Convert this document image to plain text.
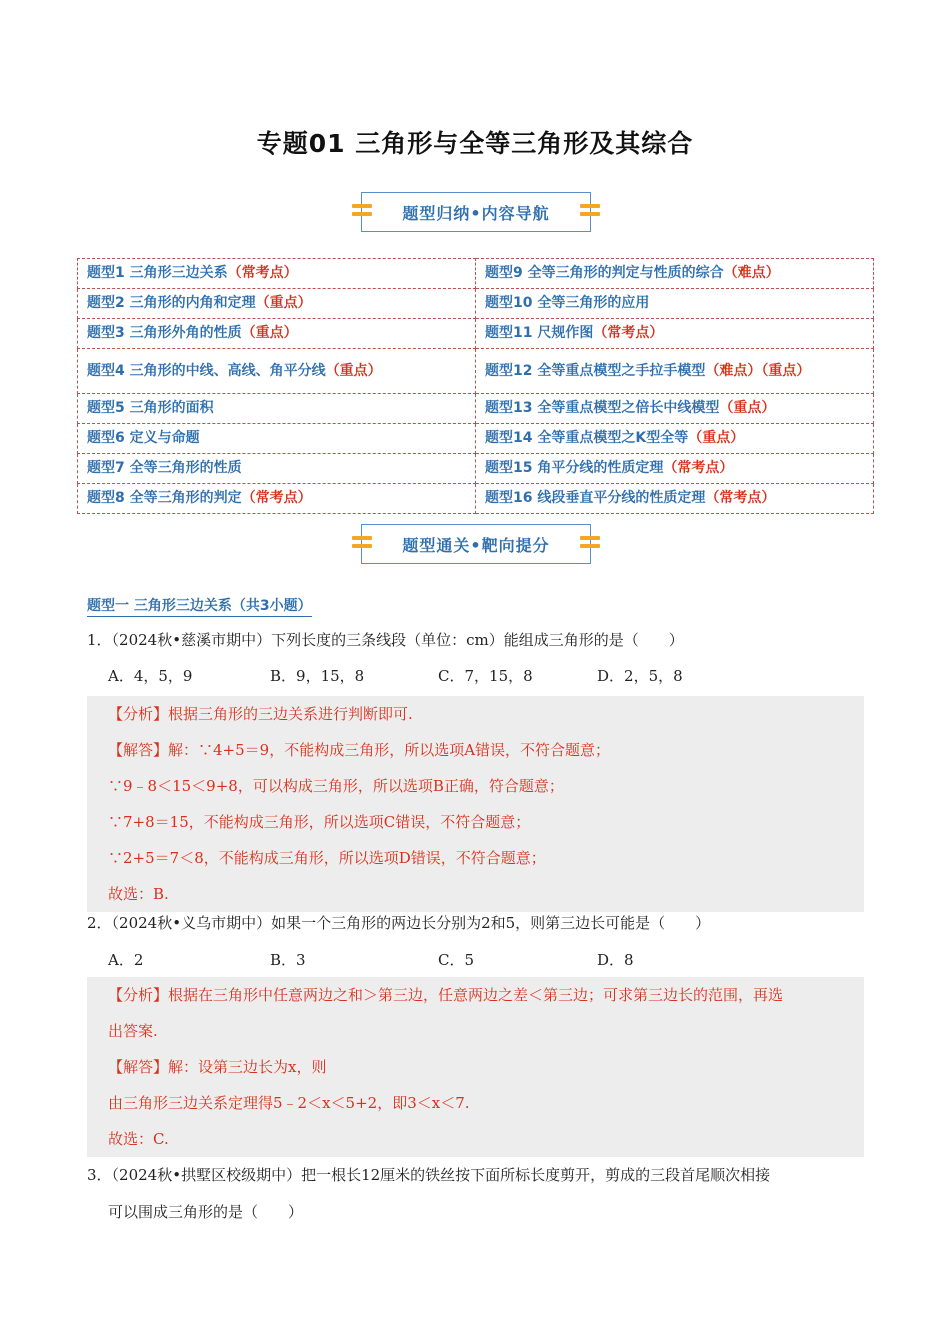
专题01 三角形与全等三角形及其综合
题型归纳•内容导航
题型1 三角形三边关系（常考点）	题型9 全等三角形的判定与性质的综合（难点）
题型2 三角形的内角和定理（重点）	题型10 全等三角形的应用
题型3 三角形外角的性质（重点）	题型11 尺规作图（常考点）
题型4 三角形的中线、高线、角平分线（重点）	题型12 全等重点模型之手拉手模型（难点）（重点）
题型5 三角形的面积	题型13 全等重点模型之倍长中线模型（重点）
题型6 定义与命题	题型14 全等重点模型之K型全等（重点）
题型7 全等三角形的性质	题型15 角平分线的性质定理（常考点）
题型8 全等三角形的判定（常考点）	题型16 线段垂直平分线的性质定理（常考点）
题型通关•靶向提分
题型一 三角形三边关系（共3小题）
1．（2024秋•慈溪市期中）下列长度的三条线段（单位：cm）能组成三角形的是（　　）
A．4，5，9	B．9，15，8	C．7，15，8	D．2，5，8
【分析】根据三角形的三边关系进行判断即可.
【解答】解：∵4+5＝9，不能构成三角形，所以选项A错误，不符合题意；
∵9﹣8＜15＜9+8，可以构成三角形，所以选项B正确，符合题意；
∵7+8＝15，不能构成三角形，所以选项C错误，不符合题意；
∵2+5＝7＜8，不能构成三角形，所以选项D错误，不符合题意；
故选：B.
2．（2024秋•义乌市期中）如果一个三角形的两边长分别为2和5，则第三边长可能是（　　）
A．2	B．3	C．5	D．8
【分析】根据在三角形中任意两边之和＞第三边，任意两边之差＜第三边；可求第三边长的范围，再选
出答案.
【解答】解：设第三边长为x，则
由三角形三边关系定理得5﹣2＜x＜5+2，即3＜x＜7.
故选：C.
3．（2024秋•拱墅区校级期中）把一根长12厘米的铁丝按下面所标长度剪开，剪成的三段首尾顺次相接
可以围成三角形的是（　　）
